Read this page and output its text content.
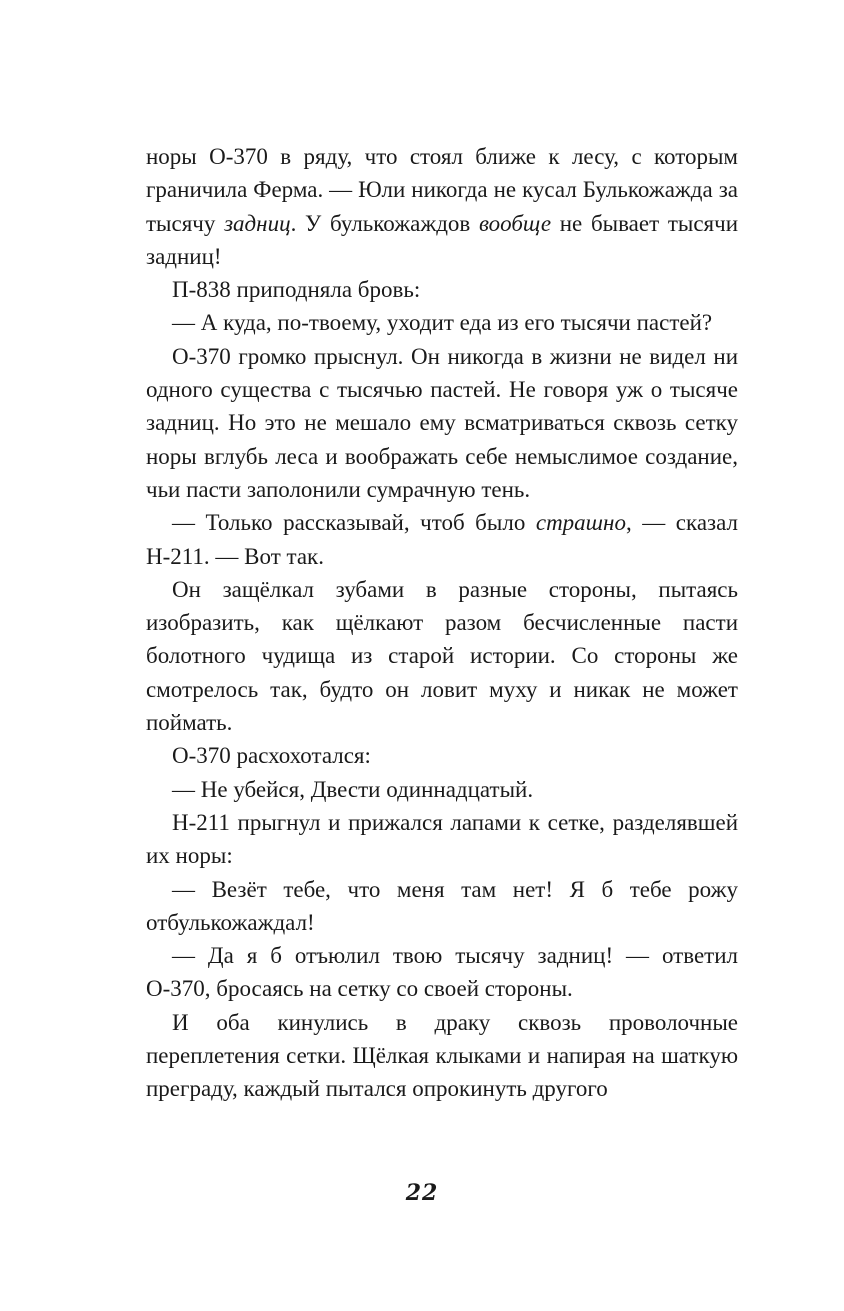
норы О-370 в ряду, что стоял ближе к лесу, с которым граничила Ферма. — Юли никогда не кусал Булькожажда за тысячу задниц. У булькожаждов вообще не бывает тысячи задниц!

П-838 приподняла бровь:

— А куда, по-твоему, уходит еда из его тысячи пастей?

О-370 громко прыснул. Он никогда в жизни не видел ни одного существа с тысячью пастей. Не говоря уж о тысяче задниц. Но это не мешало ему всматриваться сквозь сетку норы вглубь леса и воображать себе немыслимое создание, чьи пасти заполонили сумрачную тень.

— Только рассказывай, чтоб было страшно, — сказал Н-211. — Вот так.

Он защёлкал зубами в разные стороны, пытаясь изобразить, как щёлкают разом бесчисленные пасти болотного чудища из старой истории. Со стороны же смотрелось так, будто он ловит муху и никак не может поймать.

О-370 расхохотался:

— Не убейся, Двести одиннадцатый.

Н-211 прыгнул и прижался лапами к сетке, разделявшей их норы:

— Везёт тебе, что меня там нет! Я б тебе рожу отбулькожаждал!

— Да я б отъюлил твою тысячу задниц! — ответил О-370, бросаясь на сетку со своей стороны.

И оба кинулись в драку сквозь проволочные переплетения сетки. Щёлкая клыками и напирая на шаткую преграду, каждый пытался опрокинуть другого

22
